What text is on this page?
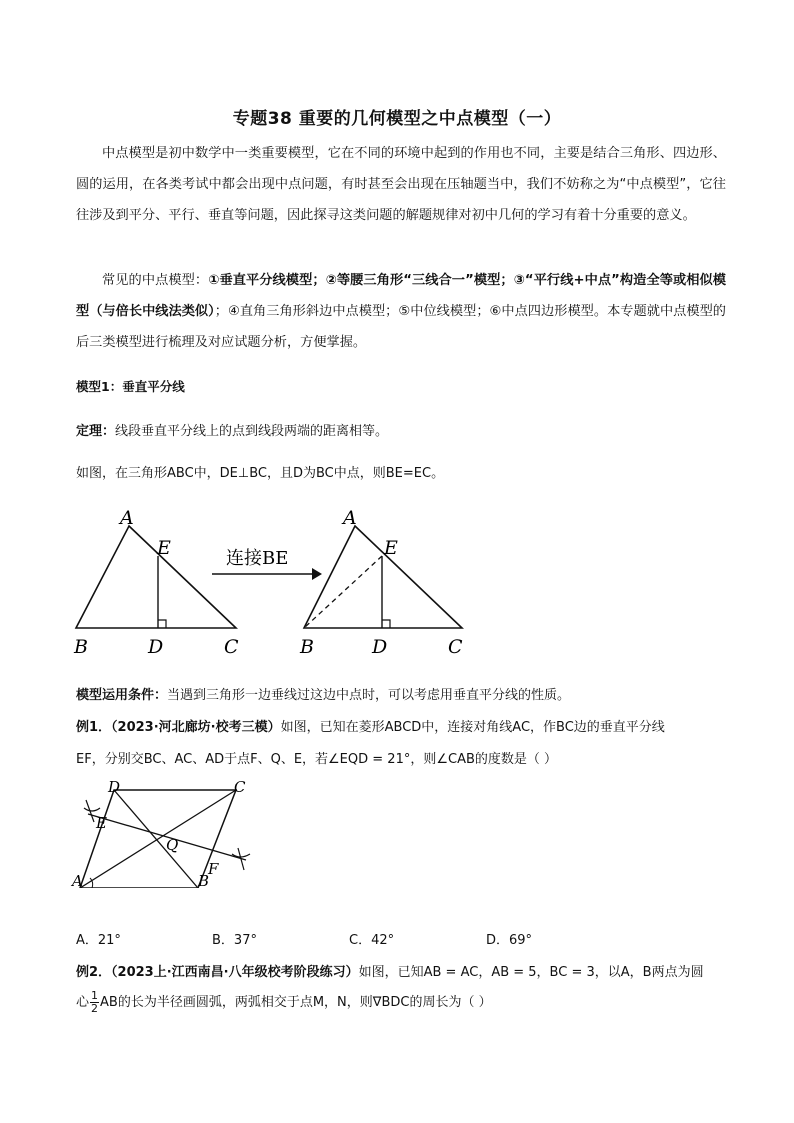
专题38 重要的几何模型之中点模型（一）
中点模型是初中数学中一类重要模型，它在不同的环境中起到的作用也不同，主要是结合三角形、四边形、圆的运用，在各类考试中都会出现中点问题，有时甚至会出现在压轴题当中，我们不妨称之为“中点模型”，它往往涉及到平分、平行、垂直等问题，因此探寻这类问题的解题规律对初中几何的学习有着十分重要的意义。
常见的中点模型：①垂直平分线模型；②等腰三角形“三线合一”模型；③“平行线+中点”构造全等或相似模型（与倍长中线法类似）；④直角三角形斜边中点模型；⑤中位线模型；⑥中点四边形模型。本专题就中点模型的后三类模型进行梳理及对应试题分析，方便掌握。
模型1：垂直平分线
定理：线段垂直平分线上的点到线段两端的距离相等。
如图，在三角形ABC中，DE⊥BC，且D为BC中点，则BE=EC。
A
E
B	D	C
连接BE
A
E
B	D	C
模型运用条件：当遇到三角形一边垂线过这边中点时，可以考虑用垂直平分线的性质。
例1．（2023·河北廊坊·校考三模）如图，已知在菱形ABCD中，连接对角线AC，作BC边的垂直平分线
EF，分别交BC、AC、AD于点F、Q、E，若∠EQD = 21°，则∠CAB的度数是（ ）
D	C
E
Q
F
A	B
A．21°	B．37°	C．42°	D．69°
例2．（2023上·江西南昌·八年级校考阶段练习）如图，已知AB = AC，AB = 5，BC = 3，以A，B两点为圆
心 $\frac{1}{2}$ AB的长为半径画圆弧，两弧相交于点M，N，则∇BDC的周长为（ ）
